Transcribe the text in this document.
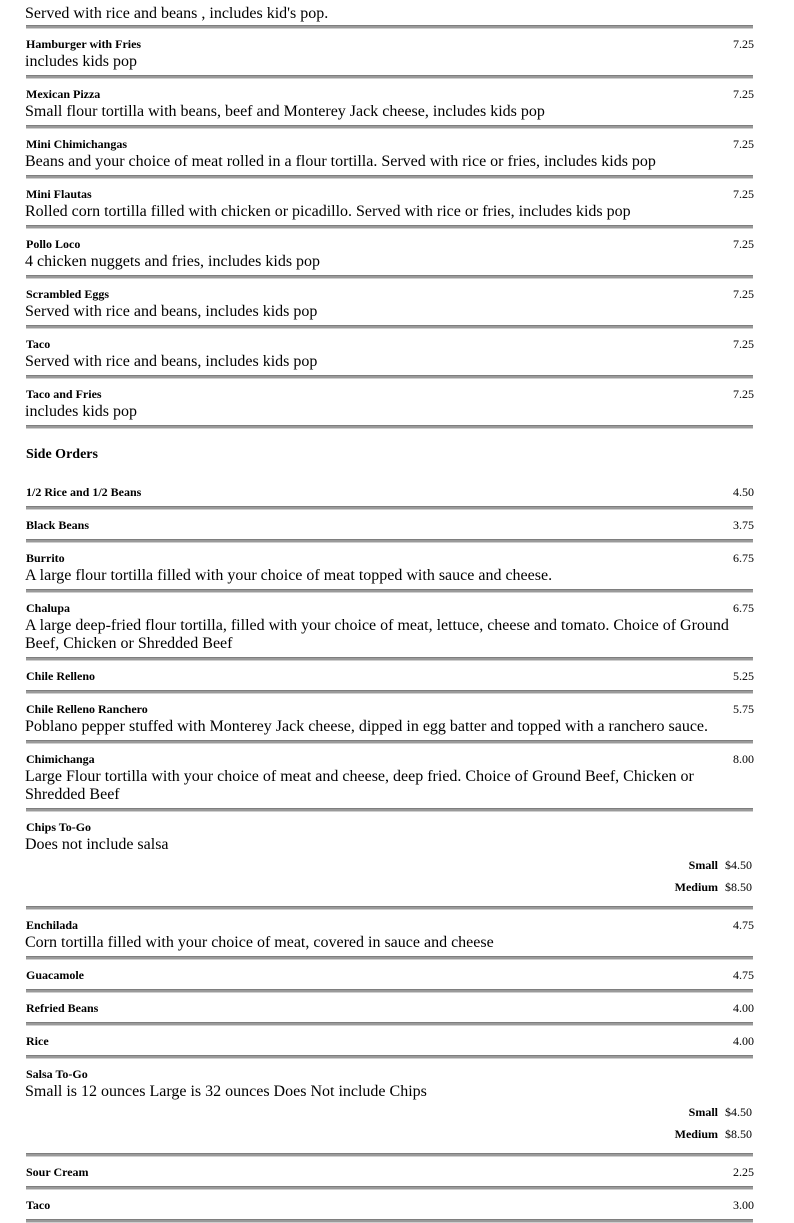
Served with rice and beans , includes kid's pop.
Hamburger with Fries	7.25
includes kids pop
Mexican Pizza	7.25
Small flour tortilla with beans, beef and Monterey Jack cheese, includes kids pop
Mini Chimichangas	7.25
Beans and your choice of meat rolled in a flour tortilla. Served with rice or fries, includes kids pop
Mini Flautas	7.25
Rolled corn tortilla filled with chicken or picadillo. Served with rice or fries, includes kids pop
Pollo Loco	7.25
4 chicken nuggets and fries, includes kids pop
Scrambled Eggs	7.25
Served with rice and beans, includes kids pop
Taco	7.25
Served with rice and beans, includes kids pop
Taco and Fries	7.25
includes kids pop
Side Orders
1/2 Rice and 1/2 Beans	4.50
Black Beans	3.75
Burrito	6.75
A large flour tortilla filled with your choice of meat topped with sauce and cheese.
Chalupa	6.75
A large deep-fried flour tortilla, filled with your choice of meat, lettuce, cheese and tomato. Choice of Ground Beef, Chicken or Shredded Beef
Chile Relleno	5.25
Chile Relleno Ranchero	5.75
Poblano pepper stuffed with Monterey Jack cheese, dipped in egg batter and topped with a ranchero sauce.
Chimichanga	8.00
Large Flour tortilla with your choice of meat and cheese, deep fried. Choice of Ground Beef, Chicken or Shredded Beef
Chips To-Go
Does not include salsa
Small $4.50
Medium $8.50
Enchilada	4.75
Corn tortilla filled with your choice of meat, covered in sauce and cheese
Guacamole	4.75
Refried Beans	4.00
Rice	4.00
Salsa To-Go
Small is 12 ounces Large is 32 ounces Does Not include Chips
Small $4.50
Medium $8.50
Sour Cream	2.25
Taco	3.00
